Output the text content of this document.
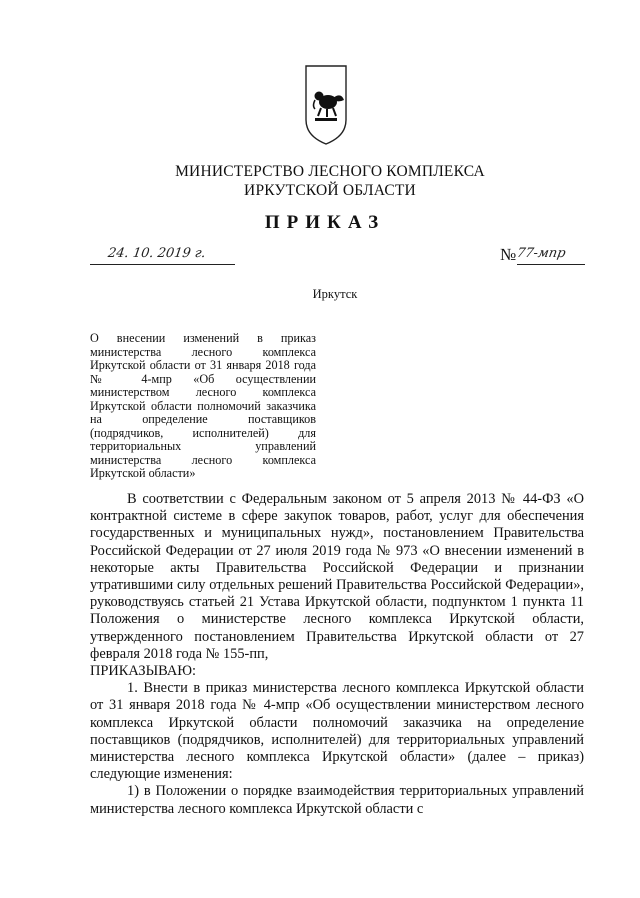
МИНИСТЕРСТВО ЛЕСНОГО КОМПЛЕКСА
ИРКУТСКОЙ ОБЛАСТИ
ПРИКАЗ
24. 10. 2019 г.	№ 77-мпр
Иркутск
О внесении изменений в приказ министерства лесного комплекса Иркутской области от 31 января 2018 года № 4-мпр «Об осуществлении министерством лесного комплекса Иркутской области полномочий заказчика на определение поставщиков (подрядчиков, исполнителей) для территориальных управлений министерства лесного комплекса Иркутской области»

В соответствии с Федеральным законом от 5 апреля 2013 № 44-ФЗ «О контрактной системе в сфере закупок товаров, работ, услуг для обеспечения государственных и муниципальных нужд», постановлением Правительства Российской Федерации от 27 июля 2019 года № 973 «О внесении изменений в некоторые акты Правительства Российской Федерации и признании утратившими силу отдельных решений Правительства Российской Федерации», руководствуясь статьей 21 Устава Иркутской области, подпунктом 1 пункта 11 Положения о министерстве лесного комплекса Иркутской области, утвержденного постановлением Правительства Иркутской области от 27 февраля 2018 года № 155-пп,

ПРИКАЗЫВАЮ:

1. Внести в приказ министерства лесного комплекса Иркутской области от 31 января 2018 года № 4-мпр «Об осуществлении министерством лесного комплекса Иркутской области полномочий заказчика на определение поставщиков (подрядчиков, исполнителей) для территориальных управлений министерства лесного комплекса Иркутской области» (далее – приказ) следующие изменения:

1) в Положении о порядке взаимодействия территориальных управлений министерства лесного комплекса Иркутской области с
